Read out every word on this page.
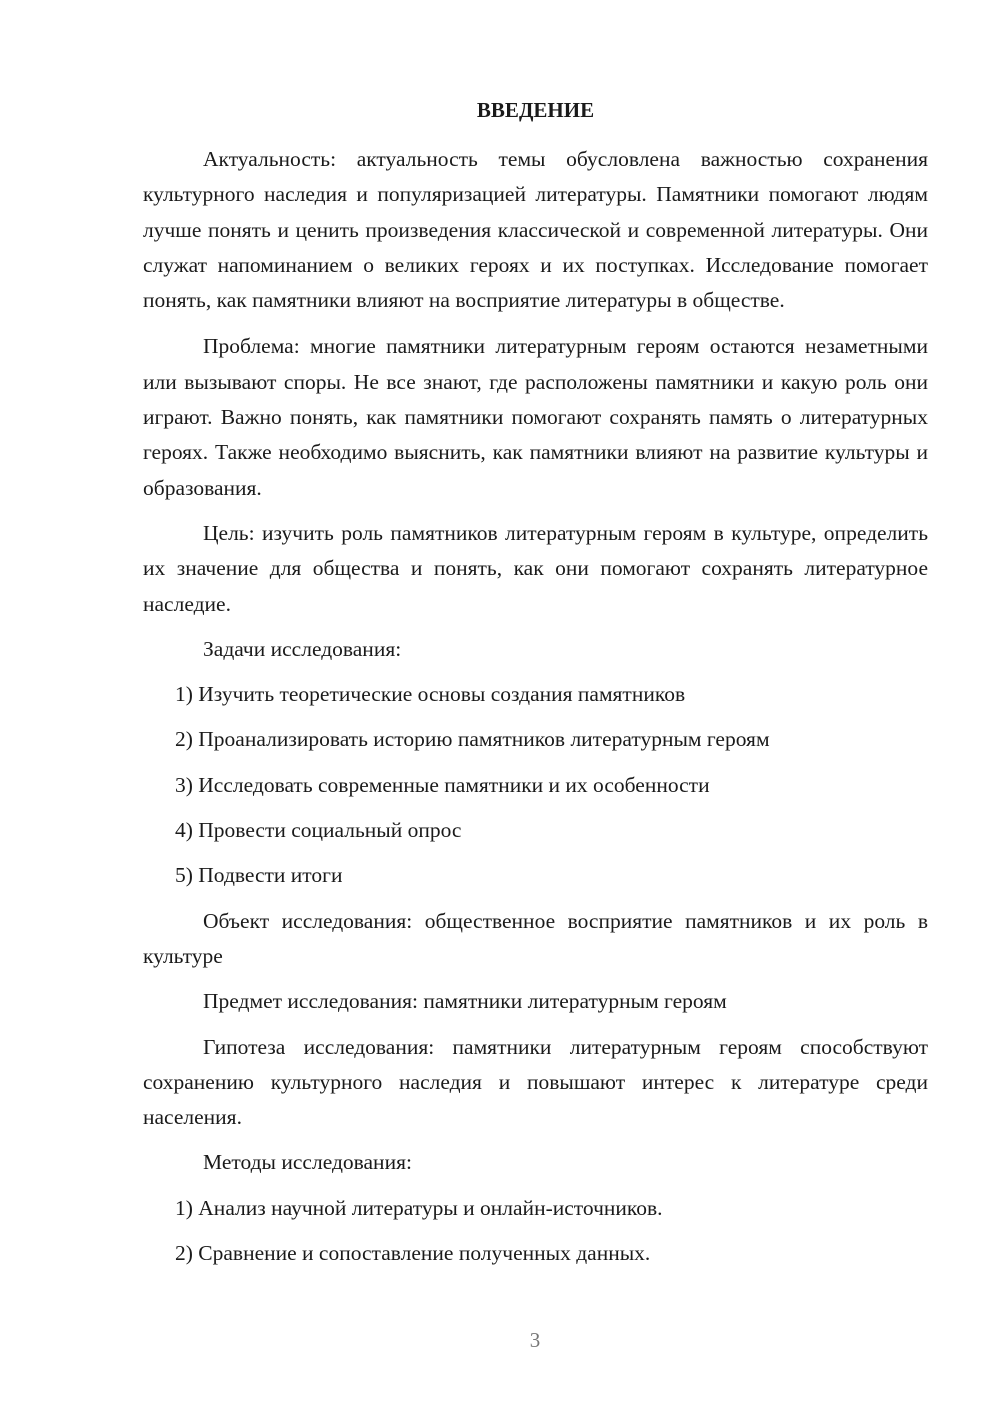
ВВЕДЕНИЕ

Актуальность: актуальность темы обусловлена важностью сохранения культурного наследия и популяризацией литературы. Памятники помогают людям лучше понять и ценить произведения классической и современной литературы. Они служат напоминанием о великих героях и их поступках. Исследование помогает понять, как памятники влияют на восприятие литературы в обществе.

Проблема: многие памятники литературным героям остаются незаметными или вызывают споры. Не все знают, где расположены памятники и какую роль они играют. Важно понять, как памятники помогают сохранять память о литературных героях. Также необходимо выяснить, как памятники влияют на развитие культуры и образования.

Цель: изучить роль памятников литературным героям в культуре, определить их значение для общества и понять, как они помогают сохранять литературное наследие.

Задачи исследования:

1) Изучить теоретические основы создания памятников
2) Проанализировать историю памятников литературным героям
3) Исследовать современные памятники и их особенности
4) Провести социальный опрос
5) Подвести итоги

Объект исследования: общественное восприятие памятников и их роль в культуре

Предмет исследования: памятники литературным героям

Гипотеза исследования: памятники литературным героям способствуют сохранению культурного наследия и повышают интерес к литературе среди населения.

Методы исследования:

1) Анализ научной литературы и онлайн-источников.
2) Сравнение и сопоставление полученных данных.
3
